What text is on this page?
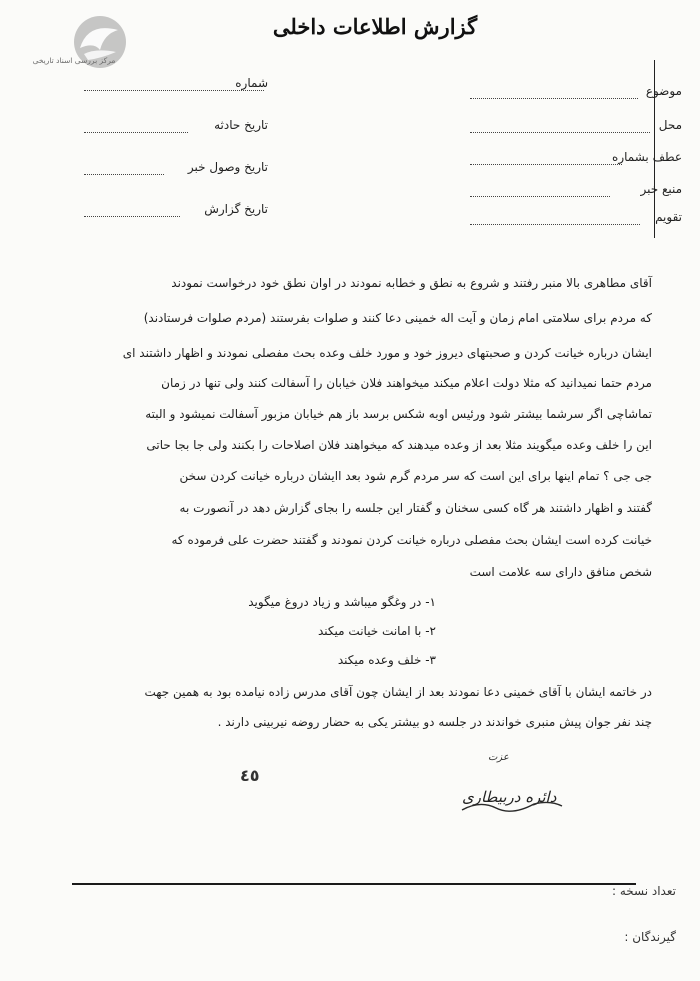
مرکز بررسی اسناد تاریخی
گزارش اطلاعات داخلی
شماره
تاریخ حادثه
تاریخ وصول خبر
تاریخ گزارش
موضوع
محل
عطف بشماره
منبع خبر
تقویم
آقای مطاهری بالا منبر رفتند و شروع به نطق و خطابه نمودند در اوان نطق خود درخواست نمودند
که مردم برای سلامتی امام زمان و آیت اله خمینی دعا کنند و صلوات بفرستند (مردم صلوات فرستادند)
ایشان درباره خیانت کردن و صحبتهای دیروز خود و مورد خلف وعده بحث مفصلی نمودند و اظهار داشتند ای
مردم حتما نمیدانید که مثلا دولت اعلام میکند میخواهند فلان خیابان را آسفالت کنند ولی تنها در زمان
تماشاچی اگر سرشما بیشتر شود ورئیس اوبه شکس برسد باز هم خیابان مزبور آسفالت نمیشود و البته
این را خلف وعده میگویند مثلا بعد از وعده میدهند که میخواهند فلان اصلاحات را بکنند ولی جا بجا حاتی
جی جی ؟ تمام اینها برای این است که سر مردم گرم شود بعد اایشان درباره خیانت کردن سخن
گفتند و اظهار داشتند هر گاه کسی سخنان و گفتار این جلسه را بجای گزارش دهد در آنصورت به
خیانت کرده است ایشان بحث مفصلی درباره خیانت کردن نمودند و گفتند حضرت علی فرموده که
شخص منافق دارای سه علامت است
۱- در وغگو میباشد و زیاد دروغ میگوید
۲- با امانت خیانت میکند
۳- خلف وعده میکند
در خاتمه ایشان با آقای خمینی دعا نمودند بعد از ایشان چون آقای مدرس زاده نیامده بود به همین جهت
چند نفر جوان پیش منبری خواندند در جلسه دو بیشتر یکی به حضار روضه نیربینی دارند .
٤٥
عزت
دائره دربیطاری
تعداد نسخه :
گیرندگان :
